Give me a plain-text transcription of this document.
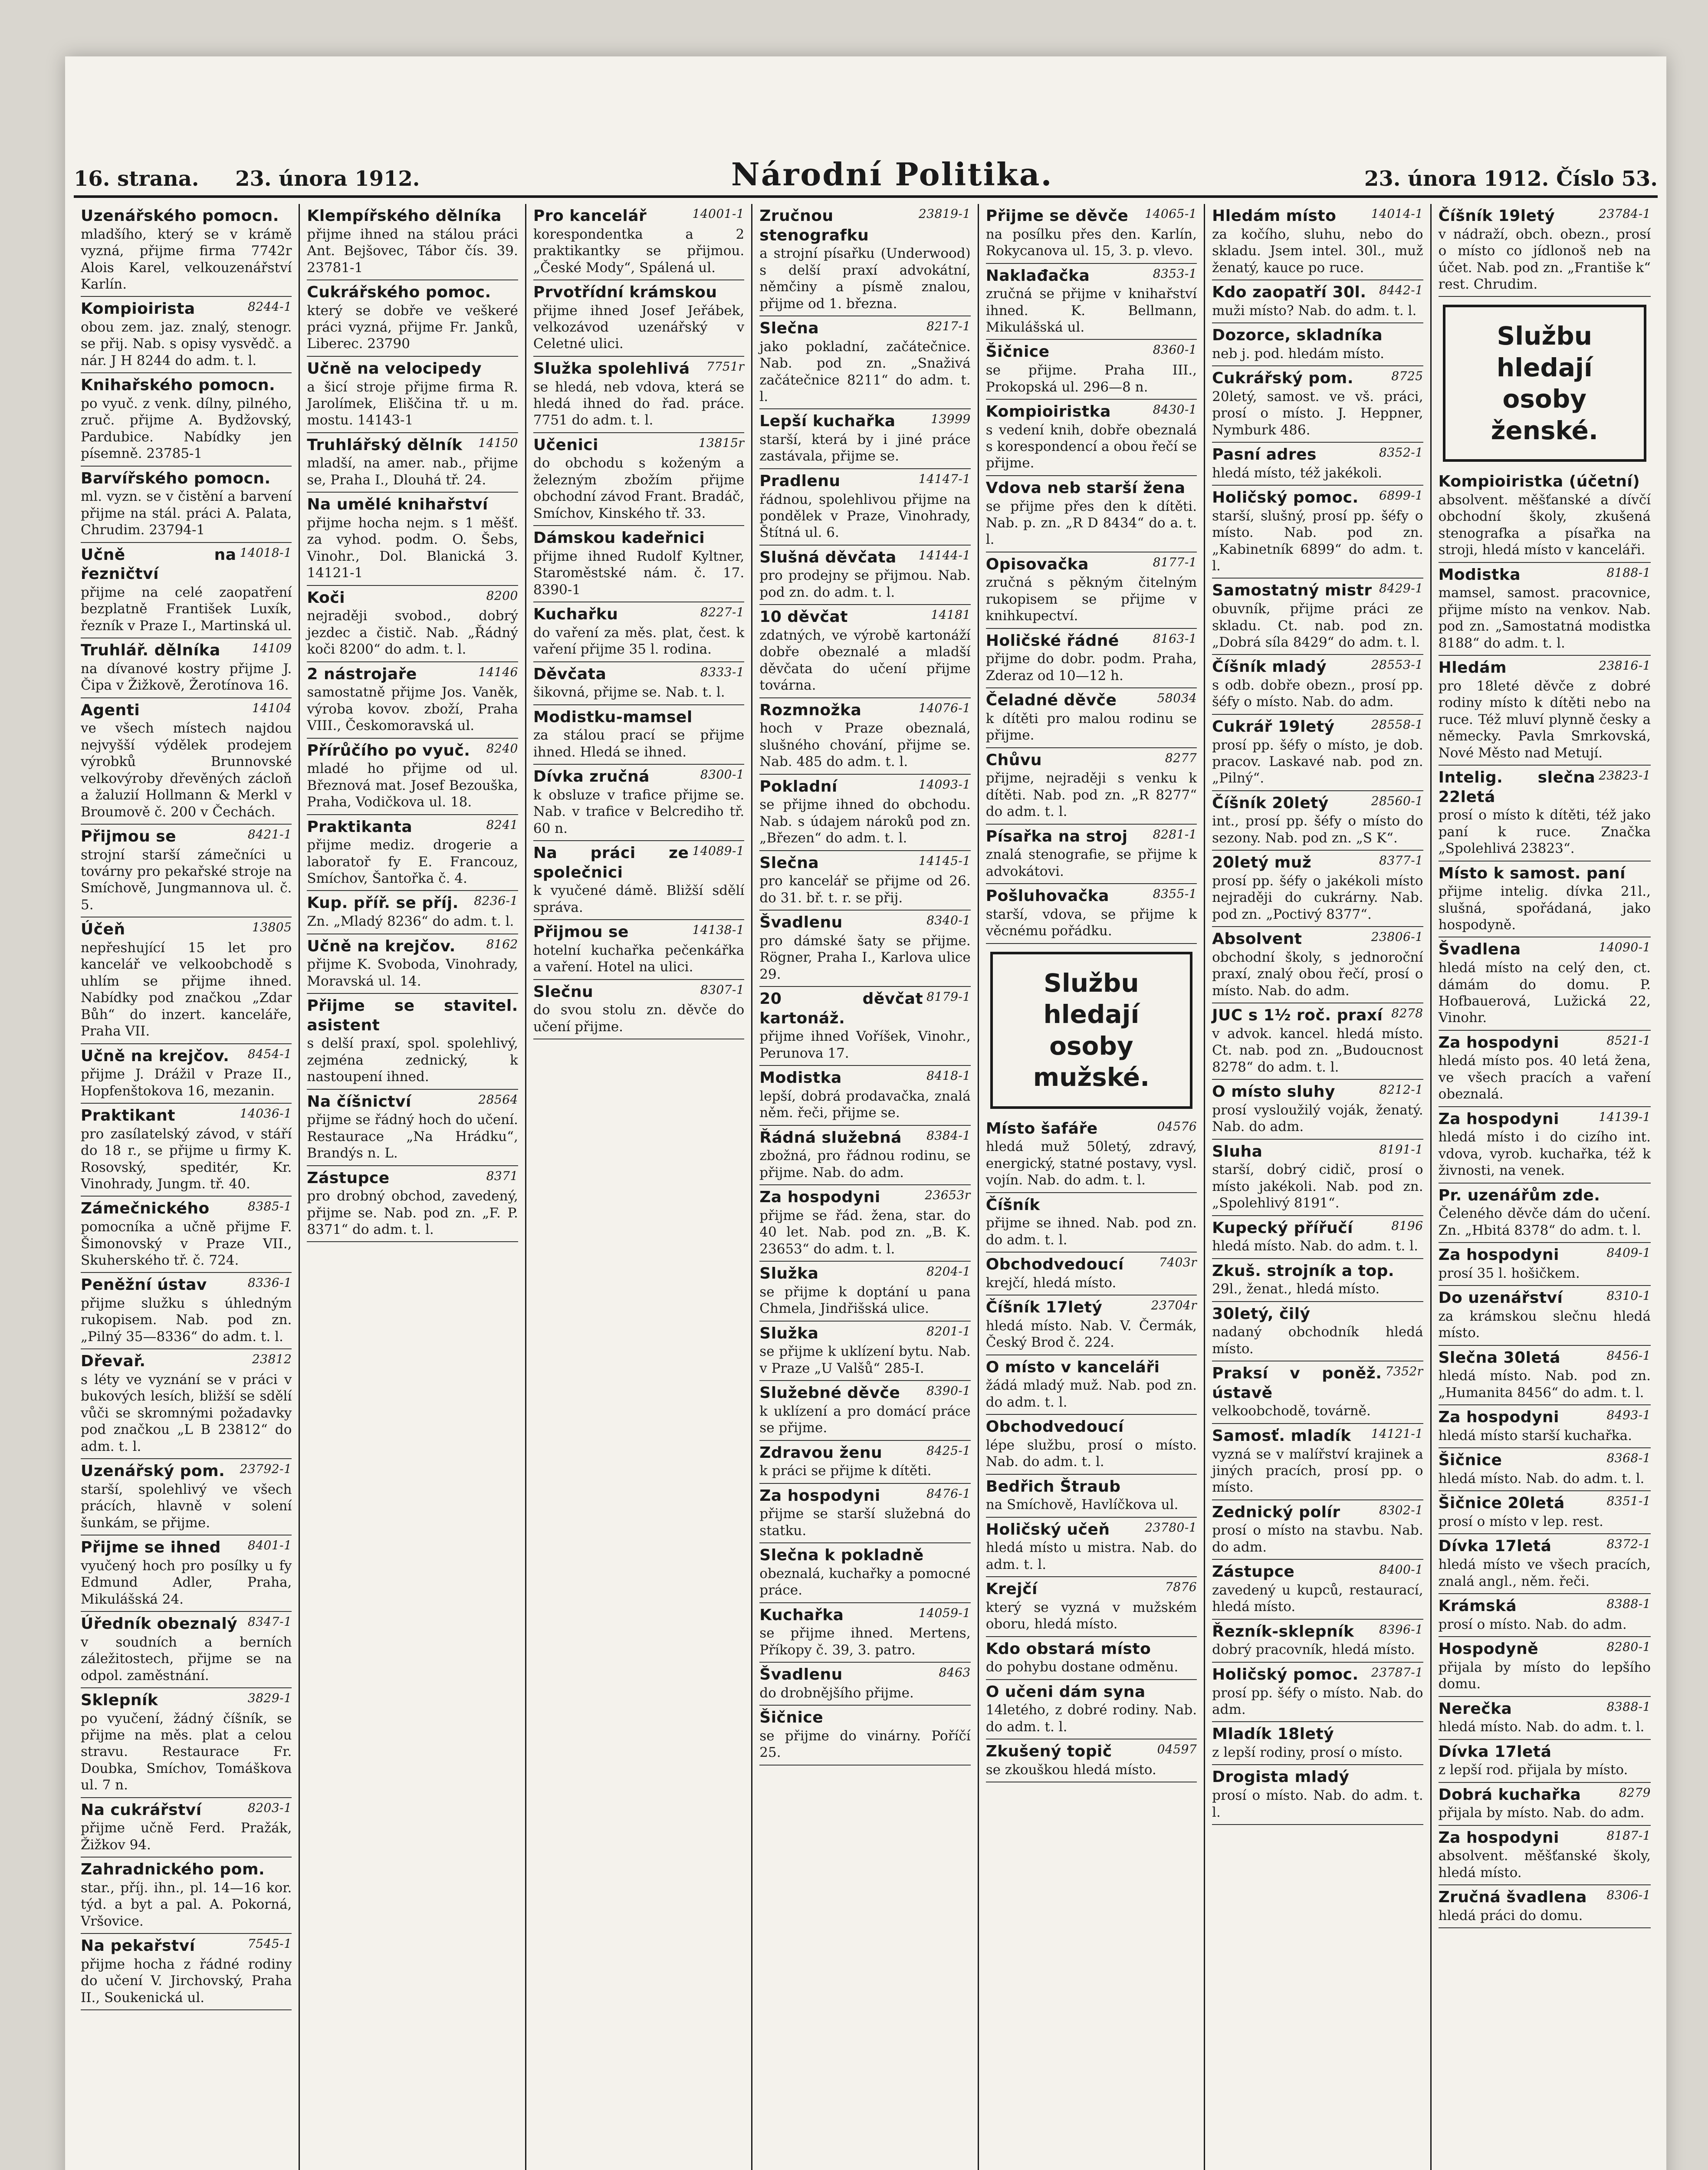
16. strana. 23. února 1912.	Národní Politika.	23. února 1912. Číslo 53.
Uzenářského pomocn.
mladšího, který se v krámě vyzná, přijme firma 7742r Alois Karel, velkouzenářství Karlín.
8244-1
Kompioirista
obou zem. jaz. znalý, stenogr. se přij. Nab. s opisy vysvědč. a nár. J H 8244 do adm. t. l.
Knihařského pomocn.
po vyuč. z venk. dílny, pilného, zruč. přijme A. Bydžovský, Pardubice. Nabídky jen písemně. 23785-1
Barvířského pomocn.
ml. vyzn. se v čistění a barvení přijme na stál. práci A. Palata, Chrudim. 23794-1
14018-1
Učně na řezničtví
přijme na celé zaopatření bezplatně František Luxík, řezník v Praze I., Martinská ul.
14109
Truhlář. dělníka
na dívanové kostry přijme J. Čipa v Žižkově, Žerotínova 16.
14104
Agenti
ve všech místech najdou nejvyšší výdělek prodejem výrobků Brunnovské velkovýroby dřevěných zácloň a žaluzií Hollmann & Merkl v Broumově č. 200 v Čechách.
8421-1
Přijmou se
strojní starší zámečníci u továrny pro pekařské stroje na Smíchově, Jungmannova ul. č. 5.
13805
Účeň
nepřeshující 15 let pro kancelář ve velkoobchodě s uhlím se přijme ihned. Nabídky pod značkou „Zdar Bůh“ do inzert. kanceláře, Praha VII.
8454-1
Učně na krejčov.
přijme J. Drážil v Praze II., Hopfenštokova 16, mezanin.
14036-1
Praktikant
pro zasílatelský závod, v stáří do 18 r., se přijme u firmy K. Rosovský, speditér, Kr. Vinohrady, Jungm. tř. 40.
8385-1
Zámečnického
pomocníka a učně přijme F. Šimonovský v Praze VII., Skuherského tř. č. 724.
8336-1
Peněžní ústav
přijme služku s úhledným rukopisem. Nab. pod zn. „Pilný 35—8336“ do adm. t. l.
23812
Dřevař.
s léty ve vyznání se v práci v bukových lesích, bližší se sdělí vůči se skromnými požadavky pod značkou „L B 23812“ do adm. t. l.
23792-1
Uzenářský pom.
starší, spolehlivý ve všech prácích, hlavně v solení šunkám, se přijme.
8401-1
Přijme se ihned
vyučený hoch pro posílky u fy Edmund Adler, Praha, Mikulášská 24.
8347-1
Úředník obeznalý
v soudních a berních záležitostech, přijme se na odpol. zaměstnání.
3829-1
Sklepník
po vyučení, žádný číšník, se přijme na měs. plat a celou stravu. Restaurace Fr. Doubka, Smíchov, Tomáškova ul. 7 n.
8203-1
Na cukrářství
přijme učně Ferd. Pražák, Žižkov 94.
Zahradnického pom.
star., příj. ihn., pl. 14—16 kor. týd. a byt a pal. A. Pokorná, Vršovice.
7545-1
Na pekařství
přijme hocha z řádné rodiny do učení V. Jirchovský, Praha II., Soukenická ul.
Klempířského dělníka
přijme ihned na stálou práci Ant. Bejšovec, Tábor čís. 39. 23781-1
Cukrářského pomoc.
který se dobře ve veškeré práci vyzná, přijme Fr. Janků, Liberec. 23790
Učně na velocipedy
a šicí stroje přijme firma R. Jarolímek, Eliščina tř. u m. mostu. 14143-1
14150
Truhlářský dělník
mladší, na amer. nab., přijme se, Praha I., Dlouhá tř. 24.
Na umělé knihařství
přijme hocha nejm. s 1 měšť. za vyhod. podm. O. Šebs, Vinohr., Dol. Blanická 3. 14121-1
8200
Koči
nejraději svobod., dobrý jezdec a čistič. Nab. „Řádný koči 8200“ do adm. t. l.
14146
2 nástrojaře
samostatně přijme Jos. Vaněk, výroba kovov. zboží, Praha VIII., Českomoravská ul.
8240
Přírůčího po vyuč.
mladé ho přijme od ul. Březnová mat. Josef Bezouška, Praha, Vodičkova ul. 18.
8241
Praktikanta
přijme mediz. drogerie a laboratoř fy E. Francouz, Smíchov, Šantořka č. 4.
8236-1
Kup. příř. se příj.
Zn. „Mladý 8236“ do adm. t. l.
8162
Učně na krejčov.
přijme K. Svoboda, Vinohrady, Moravská ul. 14.
Přijme se stavitel. asistent
s delší praxí, spol. spolehlivý, zejména zednický, k nastoupení ihned.
28564
Na číšnictví
přijme se řádný hoch do učení. Restaurace „Na Hrádku“, Brandýs n. L.
8371
Zástupce
pro drobný obchod, zavedený, přijme se. Nab. pod zn. „F. P. 8371“ do adm. t. l.
14001-1
Pro kancelář
korespondentka a 2 praktikantky se přijmou. „České Mody“, Spálená ul.
Prvotřídní krámskou
přijme ihned Josef Jeřábek, velkozávod uzenářský v Celetné ulici.
7751r
Služka spolehlivá
se hledá, neb vdova, která se hledá ihned do řad. práce. 7751 do adm. t. l.
13815r
Učenici
do obchodu s koženým a železným zbožím přijme obchodní závod Frant. Bradáč, Smíchov, Kinského tř. 33.
Dámskou kadeřnici
přijme ihned Rudolf Kyltner, Staroměstské nám. č. 17. 8390-1
8227-1
Kuchařku
do vaření za měs. plat, čest. k vaření přijme 35 l. rodina.
8333-1
Děvčata
šikovná, přijme se. Nab. t. l.
Modistku-mamsel
za stálou prací se přijme ihned. Hledá se ihned.
8300-1
Dívka zručná
k obsluze v trafice přijme se. Nab. v trafice v Belcrediho tř. 60 n.
14089-1
Na práci ze společnici
k vyučené dámě. Bližší sdělí správa.
14138-1
Přijmou se
hotelní kuchařka pečenkářka a vaření. Hotel na ulici.
8307-1
Slečnu
do svou stolu zn. děvče do učení přijme.
23819-1
Zručnou stenografku
a strojní písařku (Underwood) s delší praxí advokátní, němčiny a písmě znalou, přijme od 1. března.
8217-1
Slečna
jako pokladní, začátečnice. Nab. pod zn. „Snaživá začátečnice 8211“ do adm. t. l.
13999
Lepší kuchařka
starší, která by i jiné práce zastávala, přijme se.
14147-1
Pradlenu
řádnou, spolehlivou přijme na pondělek v Praze, Vinohrady, Štítná ul. 6.
14144-1
Slušná děvčata
pro prodejny se přijmou. Nab. pod zn. do adm. t. l.
14181
10 děvčat
zdatných, ve výrobě kartonáží dobře obeznalé a mladší děvčata do učení přijme továrna.
14076-1
Rozmnožka
hoch v Praze obeznalá, slušného chování, přijme se. Nab. 485 do adm. t. l.
14093-1
Pokladní
se přijme ihned do obchodu. Nab. s údajem nároků pod zn. „Březen“ do adm. t. l.
14145-1
Slečna
pro kancelář se přijme od 26. do 31. bř. t. r. se přij.
8340-1
Švadlenu
pro dámské šaty se přijme. Rögner, Praha I., Karlova ulice 29.
8179-1
20 děvčat kartonáž.
přijme ihned Voříšek, Vinohr., Perunova 17.
8418-1
Modistka
lepší, dobrá prodavačka, znalá něm. řeči, přijme se.
8384-1
Řádná služebná
zbožná, pro řádnou rodinu, se přijme. Nab. do adm.
23653r
Za hospodyni
přijme se řád. žena, star. do 40 let. Nab. pod zn. „B. K. 23653“ do adm. t. l.
8204-1
Služka
se přijme k doptání u pana Chmela, Jindřišská ulice.
8201-1
Služka
se přijme k uklízení bytu. Nab. v Praze „U Valšů“ 285-I.
8390-1
Služebné děvče
k uklízení a pro domácí práce se přijme.
8425-1
Zdravou ženu
k práci se přijme k dítěti.
8476-1
Za hospodyni
přijme se starší služebná do statku.
Slečna k pokladně
obeznalá, kuchařky a pomocné práce.
14059-1
Kuchařka
se přijme ihned. Mertens, Příkopy č. 39, 3. patro.
8463
Švadlenu
do drobnějšího přijme.
Šičnice
se přijme do vinárny. Poříčí 25.
14065-1
Přijme se děvče
na posílku přes den. Karlín, Rokycanova ul. 15, 3. p. vlevo.
8353-1
Naklađačka
zručná se přijme v knihařství ihned. K. Bellmann, Mikulášská ul.
8360-1
Šičnice
se přijme. Praha III., Prokopská ul. 296—8 n.
8430-1
Kompioiristka
s vedení knih, dobře obeznalá s korespondencí a obou řečí se přijme.
Vdova neb starší žena
se přijme přes den k dítěti. Nab. p. zn. „R D 8434“ do a. t. l.
8177-1
Opisovačka
zručná s pěkným čitelným rukopisem se přijme v knihkupectví.
8163-1
Holičské řádné
přijme do dobr. podm. Praha, Zderaz od 10—12 h.
58034
Čeladné děvče
k dítěti pro malou rodinu se přijme.
8277
Chůvu
přijme, nejraději s venku k dítěti. Nab. pod zn. „R 8277“ do adm. t. l.
8281-1
Písařka na stroj
znalá stenografie, se přijme k advokátovi.
8355-1
Pošluhovačka
starší, vdova, se přijme k věcnému pořádku.
Službu hledají osoby mužské.
04576
Místo šafáře
hledá muž 50letý, zdravý, energický, statné postavy, vysl. vojín. Nab. do adm. t. l.
Číšník
přijme se ihned. Nab. pod zn. do adm. t. l.
7403r
Obchodvedoucí
krejčí, hledá místo.
23704r
Číšník 17letý
hledá místo. Nab. V. Čermák, Český Brod č. 224.
O místo v kanceláři
žádá mladý muž. Nab. pod zn. do adm. t. l.
Obchodvedoucí
lépe službu, prosí o místo. Nab. do adm. t. l.
Bedřich Štraub
na Smíchově, Havlíčkova ul.
23780-1
Holičský učeň
hledá místo u mistra. Nab. do adm. t. l.
7876
Krejčí
který se vyzná v mužském oboru, hledá místo.
Kdo obstará místo
do pohybu dostane odměnu.
O učeni dám syna
14letého, z dobré rodiny. Nab. do adm. t. l.
04597
Zkušený topič
se zkouškou hledá místo.
14014-1
Hledám místo
za kočího, sluhu, nebo do skladu. Jsem intel. 30l., muž ženatý, kauce po ruce.
8442-1
Kdo zaopatří 30l.
muži místo? Nab. do adm. t. l.
Dozorce, skladníka
neb j. pod. hledám místo.
8725
Cukrářský pom.
20letý, samost. ve vš. práci, prosí o místo. J. Heppner, Nymburk 486.
8352-1
Pasní adres
hledá místo, též jakékoli.
6899-1
Holičský pomoc.
starší, slušný, prosí pp. šéfy o místo. Nab. pod zn. „Kabinetník 6899“ do adm. t. l.
8429-1
Samostatný mistr
obuvník, přijme práci ze skladu. Ct. nab. pod zn. „Dobrá síla 8429“ do adm. t. l.
28553-1
Číšník mladý
s odb. dobře obezn., prosí pp. šéfy o místo. Nab. do adm.
28558-1
Cukrář 19letý
prosí pp. šéfy o místo, je dob. pracov. Laskavé nab. pod zn. „Pilný“.
28560-1
Číšník 20letý
int., prosí pp. šéfy o místo do sezony. Nab. pod zn. „S K“.
8377-1
20letý muž
prosí pp. šéfy o jakékoli místo nejraději do cukrárny. Nab. pod zn. „Poctivý 8377“.
23806-1
Absolvent
obchodní školy, s jednoroční praxí, znalý obou řečí, prosí o místo. Nab. do adm.
8278
JUC s 1½ roč. praxí
v advok. kancel. hledá místo. Ct. nab. pod zn. „Budoucnost 8278“ do adm. t. l.
8212-1
O místo sluhy
prosí vysloužilý voják, ženatý. Nab. do adm.
8191-1
Sluha
starší, dobrý cidič, prosí o místo jakékoli. Nab. pod zn. „Spolehlivý 8191“.
8196
Kupecký přířučí
hledá místo. Nab. do adm. t. l.
Zkuš. strojník a top.
29l., ženat., hledá místo.
30letý, čilý
nadaný obchodník hledá místo.
7352r
Praksí v poněž. ústavě
velkoobchodě, továrně.
14121-1
Samosť. mladík
vyzná se v malířství krajinek a jiných pracích, prosí pp. o místo.
8302-1
Zednický polír
prosí o místo na stavbu. Nab. do adm.
8400-1
Zástupce
zavedený u kupců, restaurací, hledá místo.
8396-1
Řezník-sklepník
dobrý pracovník, hledá místo.
23787-1
Holičský pomoc.
prosí pp. šéfy o místo. Nab. do adm.
Mladík 18letý
z lepší rodiny, prosí o místo.
Drogista mladý
prosí o místo. Nab. do adm. t. l.
23784-1
Číšník 19letý
v nádraží, obch. obezn., prosí o místo co jídlonoš neb na účet. Nab. pod zn. „Františe k“ rest. Chrudim.
Službu hledají osoby ženské.
Kompioiristka (účetní)
absolvent. měšťanské a dívčí obchodní školy, zkušená stenografka a písařka na stroji, hledá místo v kanceláři.
8188-1
Modistka
mamsel, samost. pracovnice, přijme místo na venkov. Nab. pod zn. „Samostatná modistka 8188“ do adm. t. l.
23816-1
Hledám
pro 18leté děvče z dobré rodiny místo k dítěti nebo na ruce. Též mluví plynně česky a německy. Pavla Smrkovská, Nové Město nad Metují.
23823-1
Intelig. slečna 22letá
prosí o místo k dítěti, též jako paní k ruce. Značka „Spolehlivá 23823“.
Místo k samost. paní
přijme intelig. dívka 21l., slušná, spořádaná, jako hospodyně.
14090-1
Švadlena
hledá místo na celý den, ct. dámám do domu. P. Hofbauerová, Lužická 22, Vinohr.
8521-1
Za hospodyni
hledá místo pos. 40 letá žena, ve všech pracích a vaření obeznalá.
14139-1
Za hospodyni
hledá místo i do cizího int. vdova, vyrob. kuchařka, též k živnosti, na venek.
Pr. uzenářům zde.
Čeleného děvče dám do učení. Zn. „Hbitá 8378“ do adm. t. l.
8409-1
Za hospodyni
prosí 35 l. hošičkem.
8310-1
Do uzenářství
za krámskou slečnu hledá místo.
8456-1
Slečna 30letá
hledá místo. Nab. pod zn. „Humanita 8456“ do adm. t. l.
8493-1
Za hospodyni
hledá místo starší kuchařka.
8368-1
Šičnice
hledá místo. Nab. do adm. t. l.
8351-1
Šičnice 20letá
prosí o místo v lep. rest.
8372-1
Dívka 17letá
hledá místo ve všech pracích, znalá angl., něm. řeči.
8388-1
Krámská
prosí o místo. Nab. do adm.
8280-1
Hospodyně
přijala by místo do lepšího domu.
8388-1
Nerečka
hledá místo. Nab. do adm. t. l.
Dívka 17letá
z lepší rod. přijala by místo.
8279
Dobrá kuchařka
přijala by místo. Nab. do adm.
8187-1
Za hospodyni
absolvent. měšťanské školy, hledá místo.
8306-1
Zručná švadlena
hledá práci do domu.
